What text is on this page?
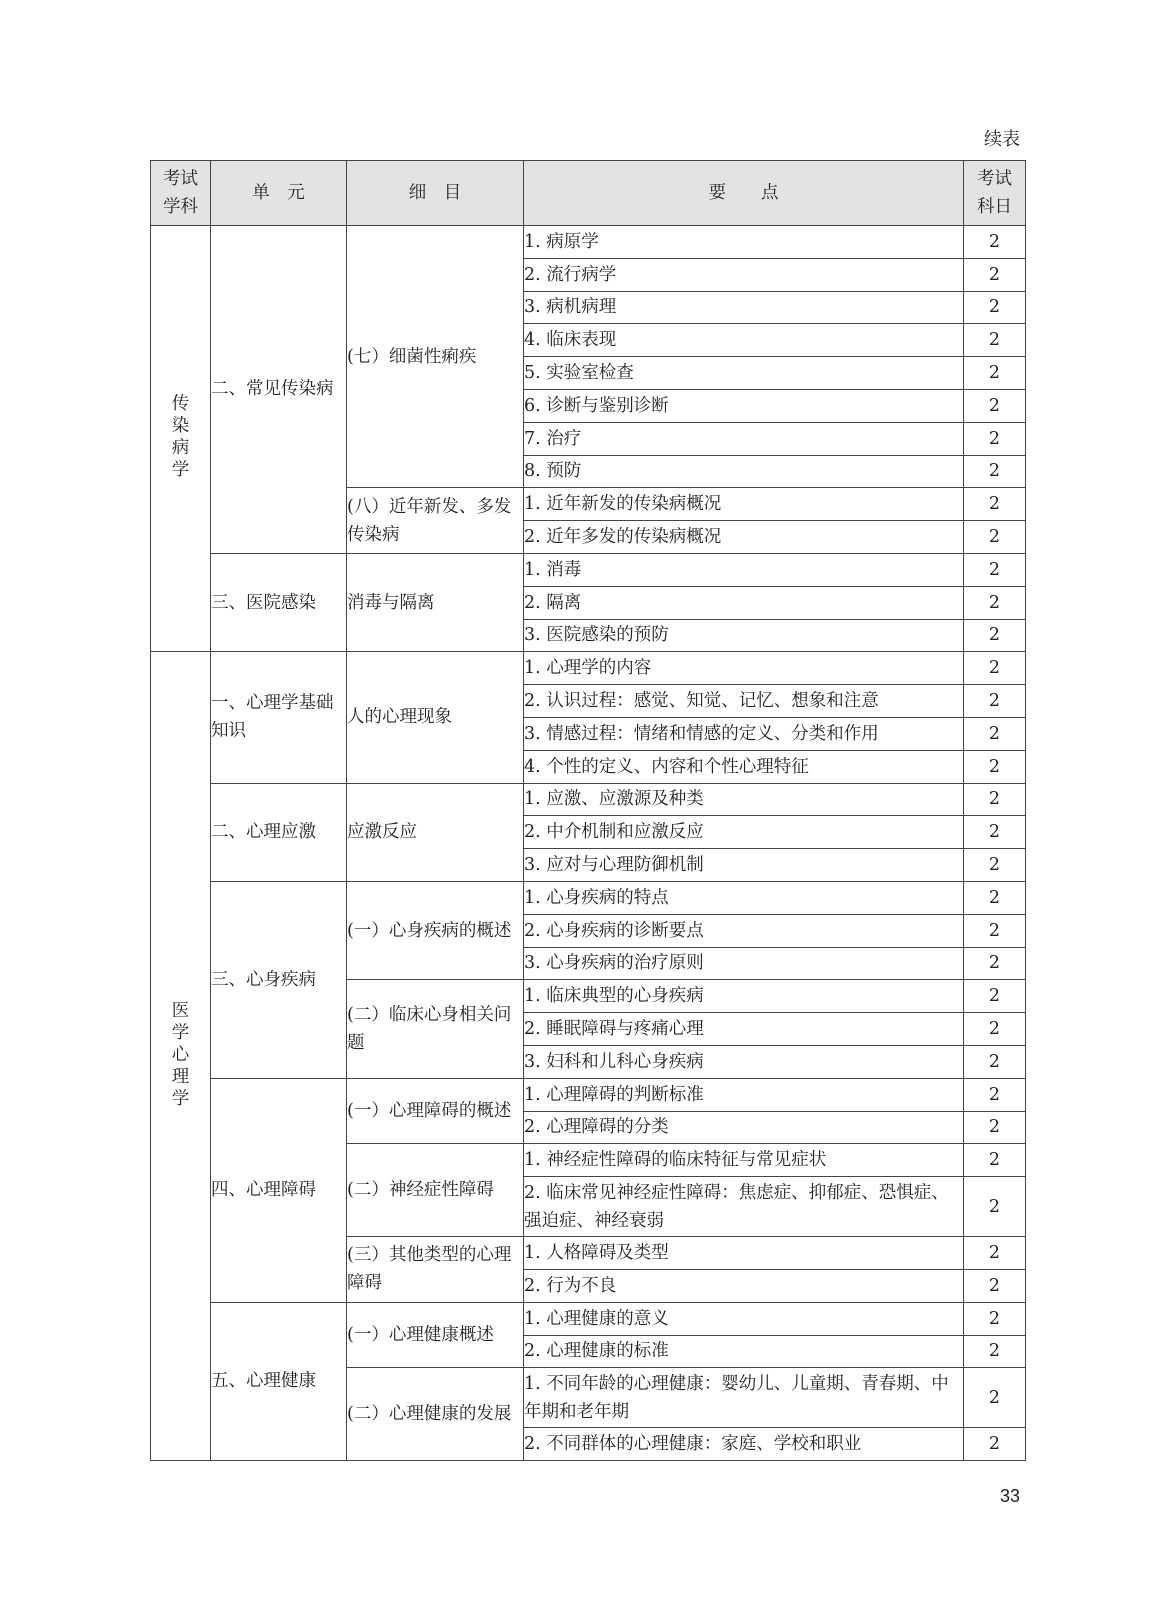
续表
考试学科	单　元	细　目	要　　点	考试科日
传染病学	二、常见传染病	(七）细菌性痢疾	1. 病原学	2
			2. 流行病学	2
			3. 病机病理	2
			4. 临床表现	2
			5. 实验室检查	2
			6. 诊断与鉴别诊断	2
			7. 治疗	2
			8. 预防	2
		(八）近年新发、多发传染病	1. 近年新发的传染病概况	2
			2. 近年多发的传染病概况	2
	三、医院感染	消毒与隔离	1. 消毒	2
			2. 隔离	2
			3. 医院感染的预防	2
医学心理学	一、心理学基础知识	人的心理现象	1. 心理学的内容	2
			2. 认识过程：感觉、知觉、记忆、想象和注意	2
			3. 情感过程：情绪和情感的定义、分类和作用	2
			4. 个性的定义、内容和个性心理特征	2
	二、心理应激	应激反应	1. 应激、应激源及种类	2
			2. 中介机制和应激反应	2
			3. 应对与心理防御机制	2
	三、心身疾病	(一）心身疾病的概述	1. 心身疾病的特点	2
			2. 心身疾病的诊断要点	2
			3. 心身疾病的治疗原则	2
		(二）临床心身相关问题	1. 临床典型的心身疾病	2
			2. 睡眠障碍与疼痛心理	2
			3. 妇科和儿科心身疾病	2
	四、心理障碍	(一）心理障碍的概述	1. 心理障碍的判断标准	2
			2. 心理障碍的分类	2
		(二）神经症性障碍	1. 神经症性障碍的临床特征与常见症状	2
			2. 临床常见神经症性障碍：焦虑症、抑郁症、恐惧症、强迫症、神经衰弱	2
		(三）其他类型的心理障碍	1. 人格障碍及类型	2
			2. 行为不良	2
	五、心理健康	(一）心理健康概述	1. 心理健康的意义	2
			2. 心理健康的标准	2
		(二）心理健康的发展	1. 不同年龄的心理健康：婴幼儿、儿童期、青春期、中年期和老年期	2
			2. 不同群体的心理健康：家庭、学校和职业	2
33
